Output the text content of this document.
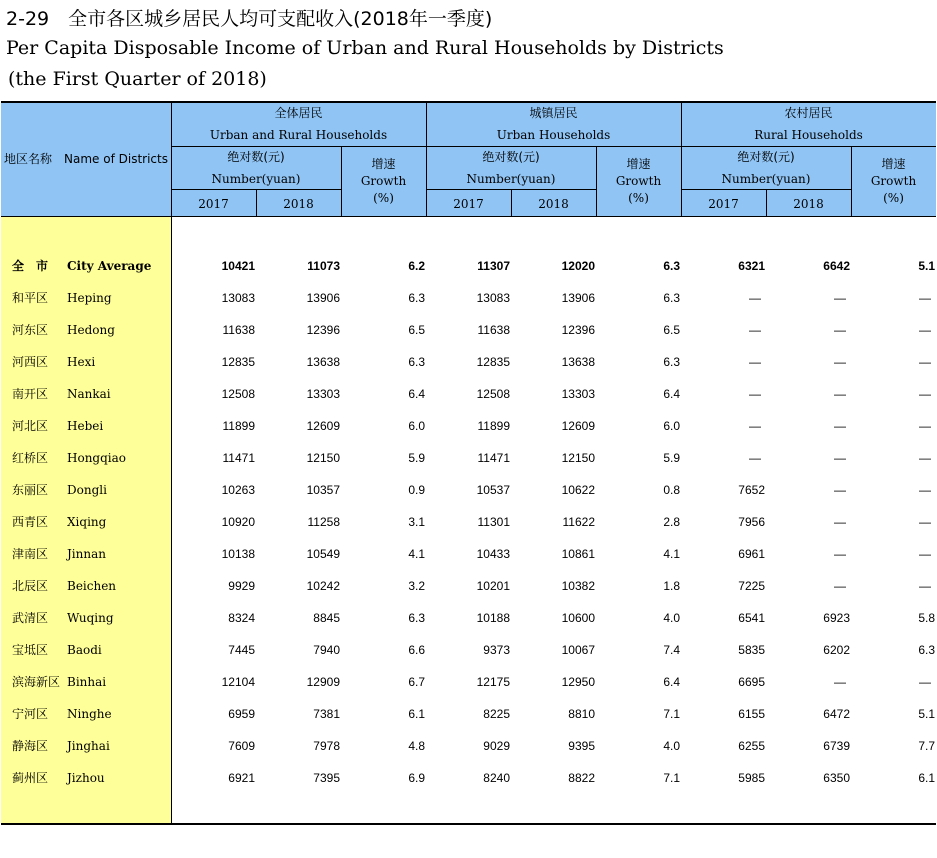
2-29　全市各区城乡居民人均可支配收入(2018年一季度)
Per Capita Disposable Income of Urban and Rural Households by Districts
(the First Quarter of 2018)
地区名称　Name of Districts
全体居民
Urban and Rural Households
绝对数(元)
Number(yuan)
增速
Growth
(%)
2017	2018
城镇居民
Urban Households
绝对数(元)
Number(yuan)
增速
Growth
(%)
2017	2018
农村居民
Rural Households
绝对数(元)
Number(yuan)
增速
Growth
(%)
2017	2018
全　市 City Average	10421	11073	6.2	11307	12020	6.3	6321	6642	5.1
和平区 Heping	13083	13906	6.3	13083	13906	6.3	—	—	—
河东区 Hedong	11638	12396	6.5	11638	12396	6.5	—	—	—
河西区 Hexi	12835	13638	6.3	12835	13638	6.3	—	—	—
南开区 Nankai	12508	13303	6.4	12508	13303	6.4	—	—	—
河北区 Hebei	11899	12609	6.0	11899	12609	6.0	—	—	—
红桥区 Hongqiao	11471	12150	5.9	11471	12150	5.9	—	—	—
东丽区 Dongli	10263	10357	0.9	10537	10622	0.8	7652	—	—
西青区 Xiqing	10920	11258	3.1	11301	11622	2.8	7956	—	—
津南区 Jinnan	10138	10549	4.1	10433	10861	4.1	6961	—	—
北辰区 Beichen	9929	10242	3.2	10201	10382	1.8	7225	—	—
武清区 Wuqing	8324	8845	6.3	10188	10600	4.0	6541	6923	5.8
宝坻区 Baodi	7445	7940	6.6	9373	10067	7.4	5835	6202	6.3
滨海新区 Binhai	12104	12909	6.7	12175	12950	6.4	6695	—	—
宁河区 Ninghe	6959	7381	6.1	8225	8810	7.1	6155	6472	5.1
静海区 Jinghai	7609	7978	4.8	9029	9395	4.0	6255	6739	7.7
蓟州区 Jizhou	6921	7395	6.9	8240	8822	7.1	5985	6350	6.1
